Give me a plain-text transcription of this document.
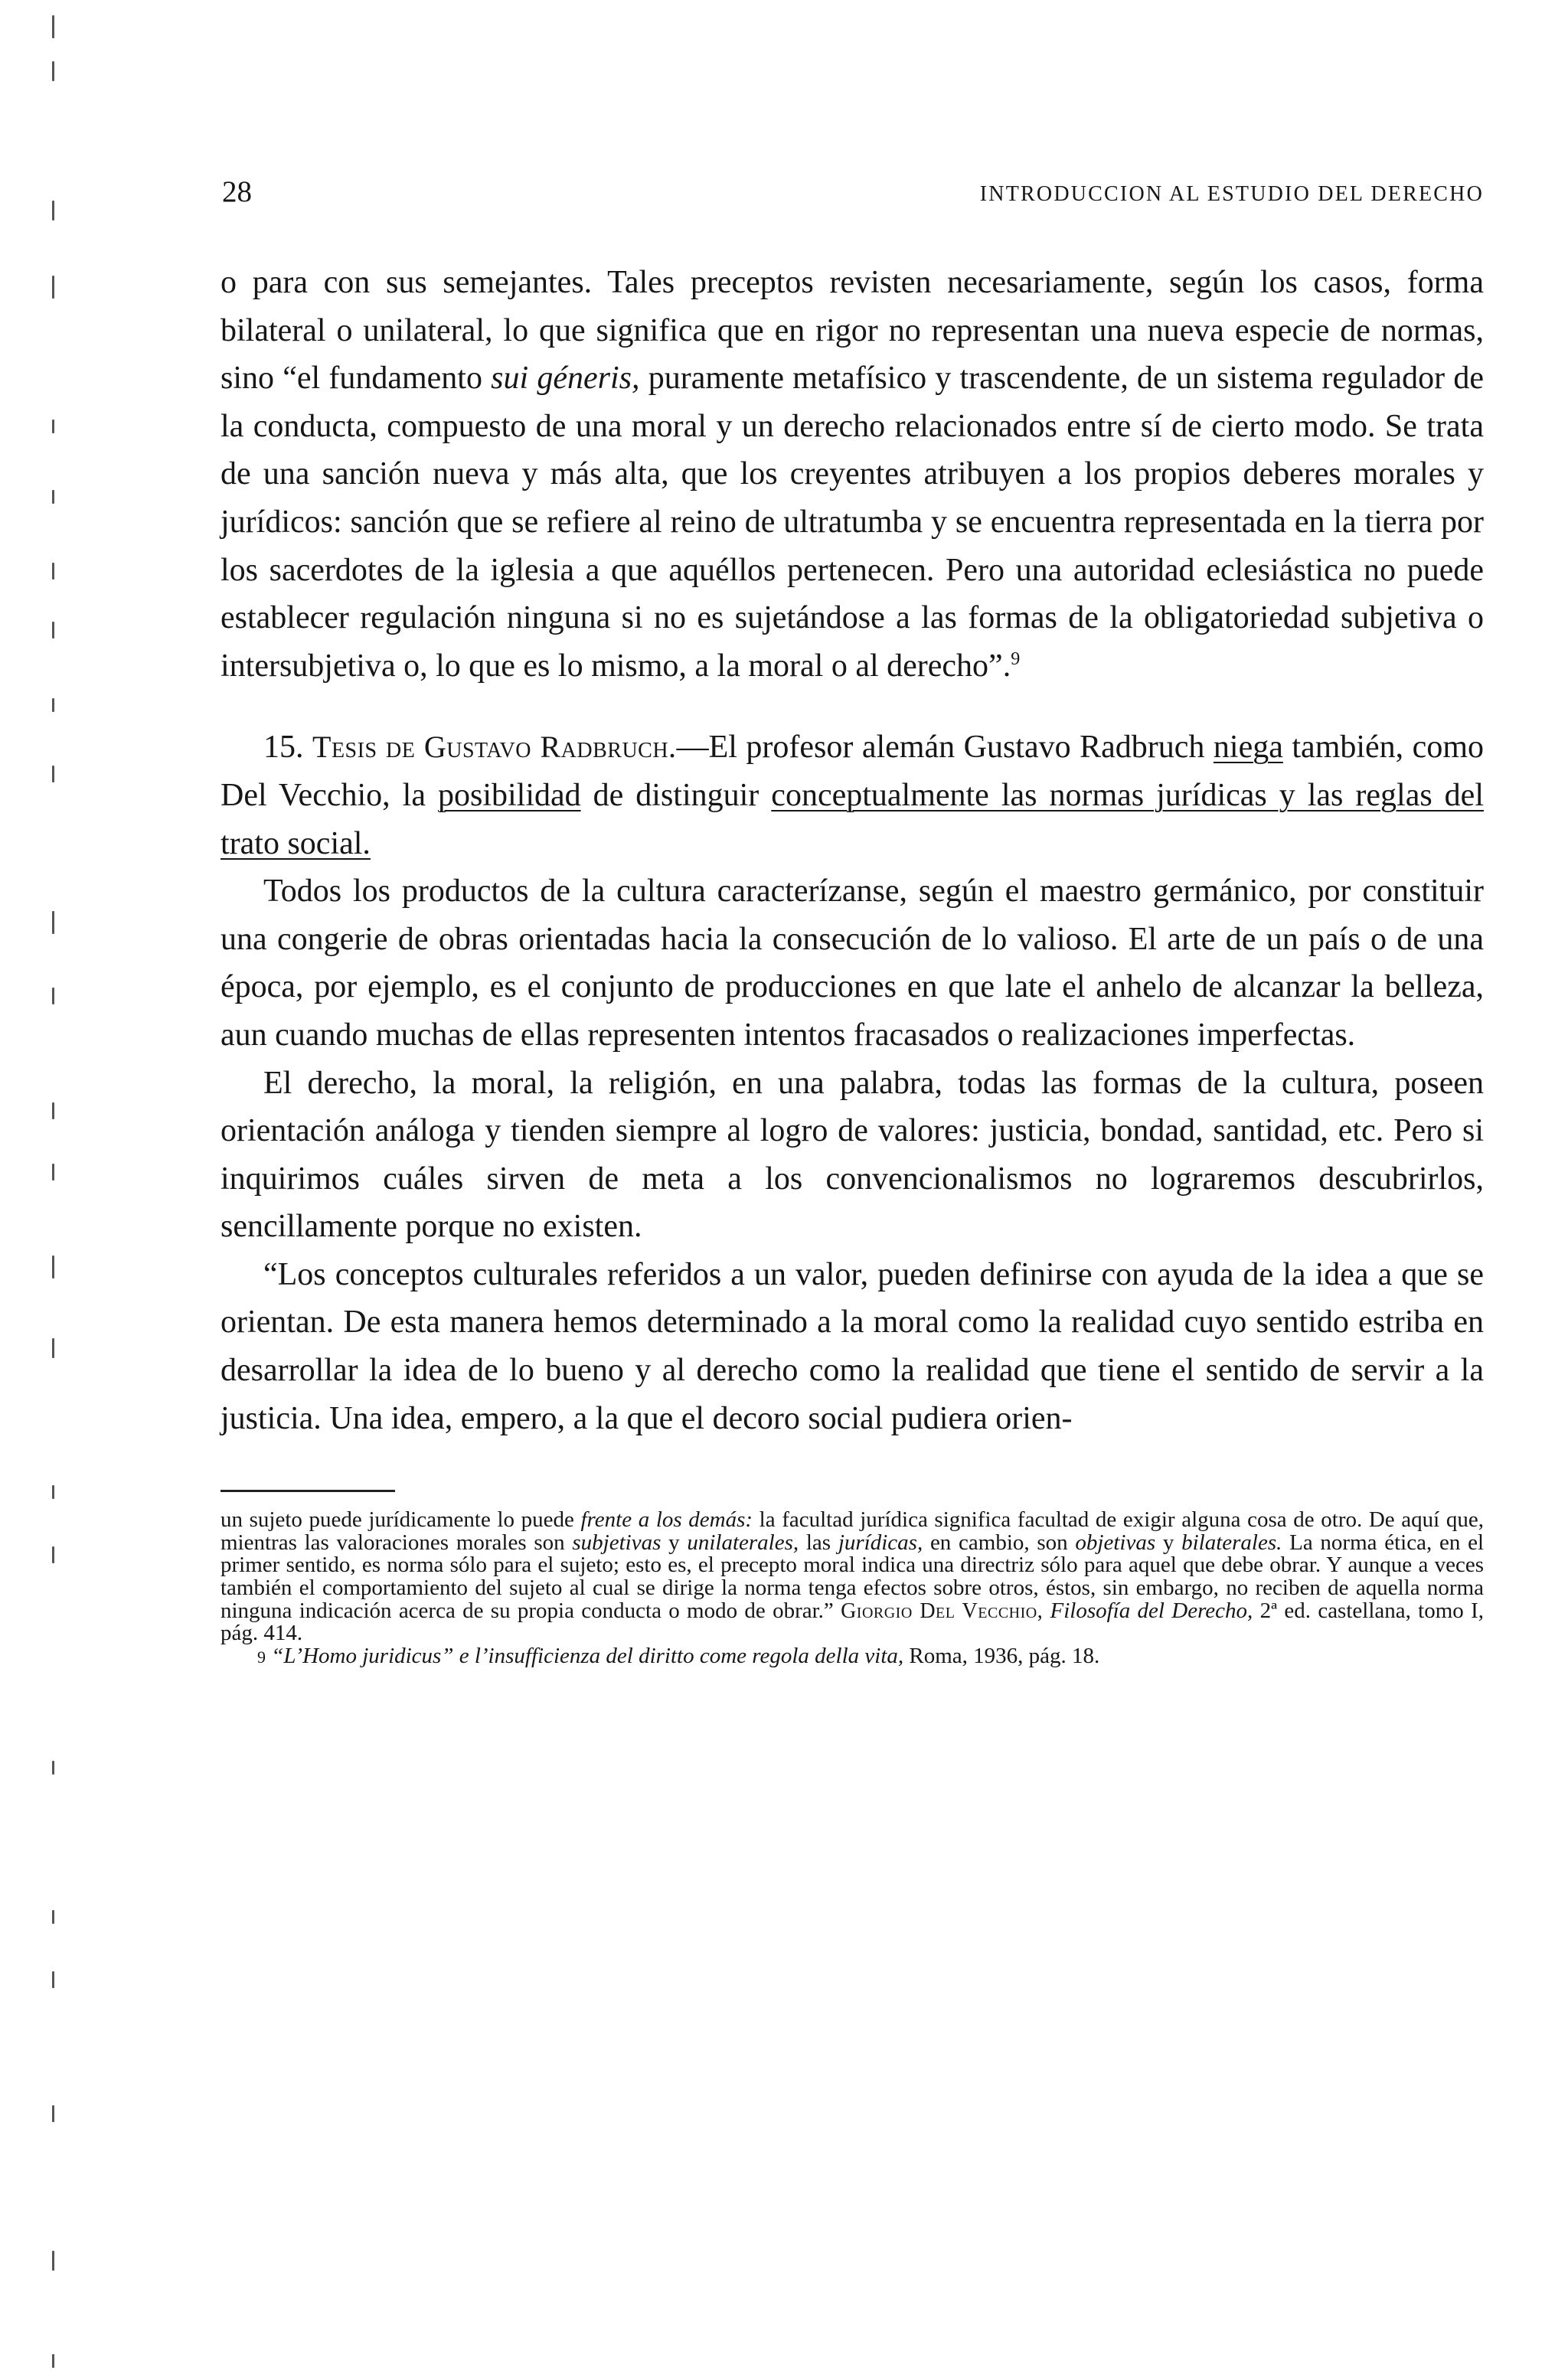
28	INTRODUCCION AL ESTUDIO DEL DERECHO

o para con sus semejantes. Tales preceptos revisten necesariamente, según los casos, forma bilateral o unilateral, lo que significa que en rigor no representan una nueva especie de normas, sino “el fundamento sui géneris, puramente metafísico y trascendente, de un sistema regulador de la conducta, compuesto de una moral y un derecho relacionados entre sí de cierto modo. Se trata de una sanción nueva y más alta, que los creyentes atribuyen a los propios deberes morales y jurídicos: sanción que se refiere al reino de ultratumba y se encuentra representada en la tierra por los sacerdotes de la iglesia a que aquéllos pertenecen. Pero una autoridad eclesiástica no puede establecer regulación ninguna si no es sujetándose a las formas de la obligatoriedad subjetiva o intersubjetiva o, lo que es lo mismo, a la moral o al derecho”.$^9$

15. Tesis de Gustavo Radbruch.—El profesor alemán Gustavo Radbruch niega también, como Del Vecchio, la posibilidad de distinguir conceptualmente las normas jurídicas y las reglas del trato social.

Todos los productos de la cultura caracterízanse, según el maestro germánico, por constituir una congerie de obras orientadas hacia la consecución de lo valioso. El arte de un país o de una época, por ejemplo, es el conjunto de producciones en que late el anhelo de alcanzar la belleza, aun cuando muchas de ellas representen intentos fracasados o realizaciones imperfectas.

El derecho, la moral, la religión, en una palabra, todas las formas de la cultura, poseen orientación análoga y tienden siempre al logro de valores: justicia, bondad, santidad, etc. Pero si inquirimos cuáles sirven de meta a los convencionalismos no lograremos descubrirlos, sencillamente porque no existen.

“Los conceptos culturales referidos a un valor, pueden definirse con ayuda de la idea a que se orientan. De esta manera hemos determinado a la moral como la realidad cuyo sentido estriba en desarrollar la idea de lo bueno y al derecho como la realidad que tiene el sentido de servir a la justicia. Una idea, empero, a la que el decoro social pudiera orien-

un sujeto puede jurídicamente lo puede frente a los demás: la facultad jurídica significa facultad de exigir alguna cosa de otro. De aquí que, mientras las valoraciones morales son subjetivas y unilaterales, las jurídicas, en cambio, son objetivas y bilaterales. La norma ética, en el primer sentido, es norma sólo para el sujeto; esto es, el precepto moral indica una directriz sólo para aquel que debe obrar. Y aunque a veces también el comportamiento del sujeto al cual se dirige la norma tenga efectos sobre otros, éstos, sin embargo, no reciben de aquella norma ninguna indicación acerca de su propia conducta o modo de obrar.” Giorgio Del Vecchio, Filosofía del Derecho, 2ª ed. castellana, tomo I, pág. 414.

9 “L’Homo juridicus” e l’insufficienza del diritto come regola della vita, Roma, 1936, pág. 18.
